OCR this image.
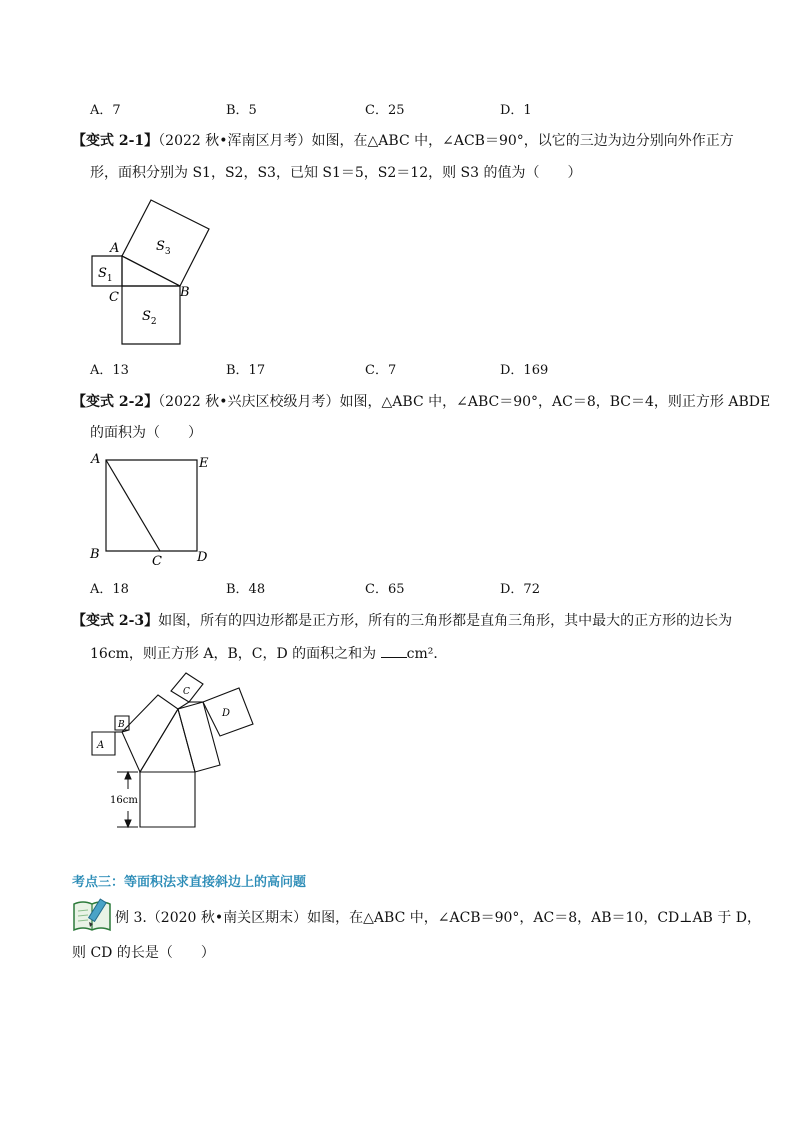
A．7	B．5	C．25	D．1
【变式 2-1】（2022 秋•浑南区月考）如图，在△ABC 中，∠ACB＝90°，以它的三边为边分别向外作正方
形，面积分别为 S1，S2，S3，已知 S1＝5，S2＝12，则 S3 的值为（　　）
A
C	B
$S_1$
$S_2$
$S_3$
A．13	B．17	C．7	D．169
【变式 2-2】（2022 秋•兴庆区校级月考）如图，△ABC 中，∠ABC＝90°，AC＝8，BC＝4，则正方形 ABDE
的面积为（　　）
A	E
B	C	D
A．18	B．48	C．65	D．72
【变式 2-3】如图，所有的四边形都是正方形，所有的三角形都是直角三角形，其中最大的正方形的边长为
16cm，则正方形 A，B，C，D 的面积之和为 cm²．
A
B
C
D
16cm
考点三：等面积法求直接斜边上的高问题
例 3.（2020 秋•南关区期末）如图，在△ABC 中，∠ACB＝90°，AC＝8，AB＝10，CD⊥AB 于 D，
则 CD 的长是（　　）
